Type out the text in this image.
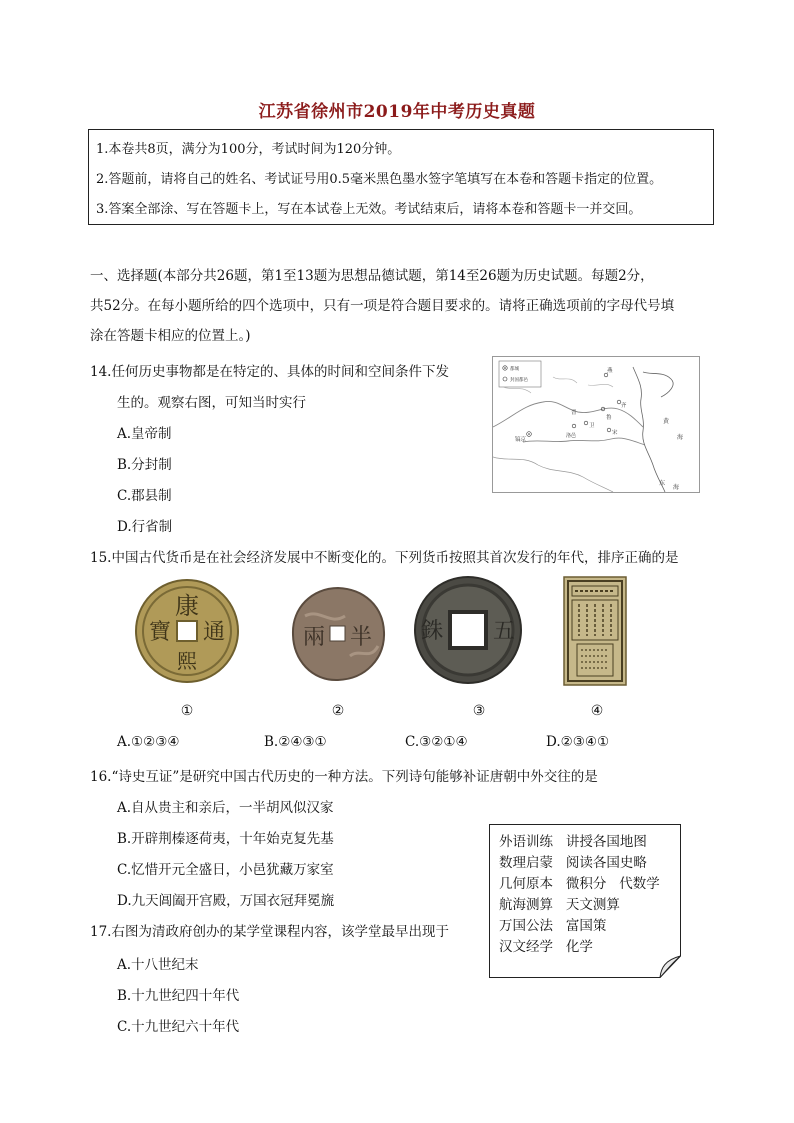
江苏省徐州市2019年中考历史真题
1.本卷共8页，满分为100分，考试时间为120分钟。
2.答题前，请将自己的姓名、考试证号用0.5毫米黑色墨水签字笔填写在本卷和答题卡指定的位置。
3.答案全部涂、写在答题卡上，写在本试卷上无效。考试结束后，请将本卷和答题卡一并交回。
一、选择题(本部分共26题，第1至13题为思想品德试题，第14至26题为历史试题。每题2分，
共52分。在每小题所给的四个选项中，只有一项是符合题目要求的。请将正确选项前的字母代号填
涂在答题卡相应的位置上。)
14.任何历史事物都是在特定的、具体的时间和空间条件下发
生的。观察右图，可知当时实行
A.皇帝制
B.分封制
C.郡县制
D.行省制
都城
封国都邑
燕
晋
卫
鲁
齐
宋
镐京
洛邑
黄
海
东
海
15.中国古代货币是在社会经济发展中不断变化的。下列货币按照其首次发行的年代，排序正确的是
康
通
熙
寶	半
兩	五
銖
①	②	③	④
A.①②③④	B.②④③①	C.③②①④	D.②③④①
16.“诗史互证”是研究中国古代历史的一种方法。下列诗句能够补证唐朝中外交往的是
A.自从贵主和亲后，一半胡风似汉家
B.开辟荆榛逐荷夷，十年始克复先基
C.忆惜开元全盛日，小邑犹藏万家室
D.九天阊阖开宫殿，万国衣冠拜冕旒
17.右图为清政府创办的某学堂课程内容，该学堂最早出现于
A.十八世纪末
B.十九世纪四十年代
C.十九世纪六十年代
外语训练   讲授各国地图
数理启蒙   阅读各国史略
几何原本   微积分   代数学
航海测算   天文测算
万国公法   富国策
汉文经学   化学
